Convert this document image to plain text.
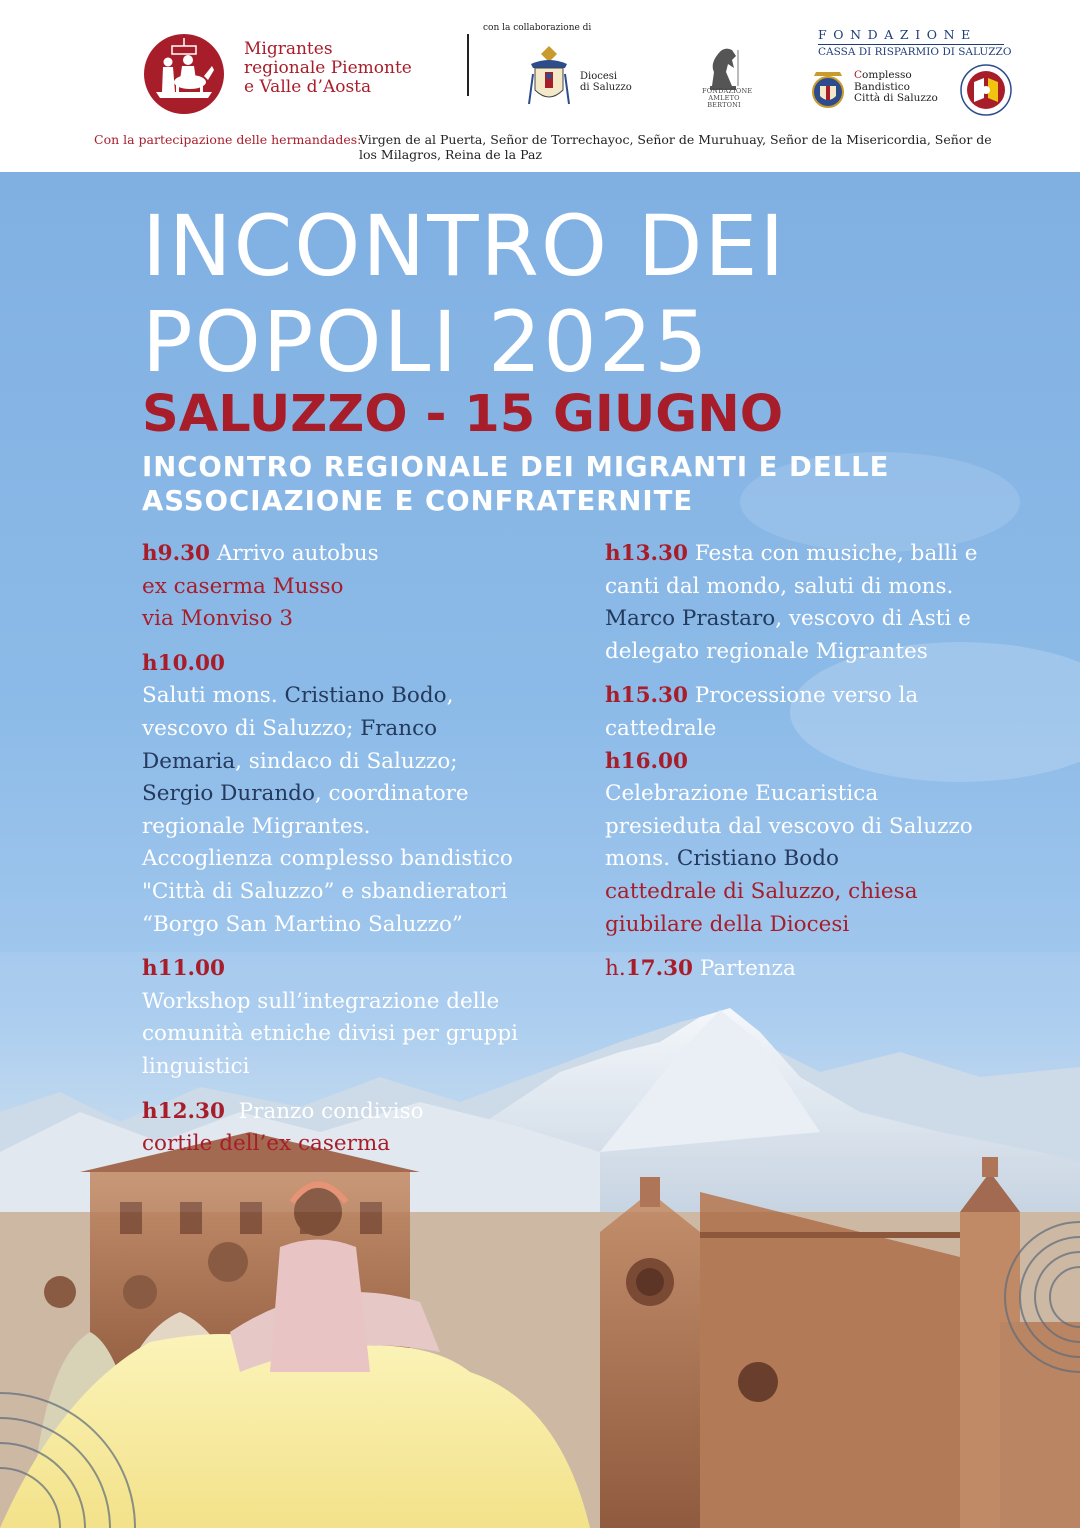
Migrantes
regionale Piemonte
e Valle d’Aosta
con la collaborazione di
Diocesi
di Saluzzo	FONDAZIONE AMLETO BERTONI
FONDAZIONE
CASSA DI RISPARMIO DI SALUZZO
Complesso
Bandistico
Città di Saluzzo
Con la partecipazione delle hermandades:
Virgen de al Puerta, Señor de Torrechayoc, Señor de Muruhuay, Señor de la Misericordia, Señor de los Milagros, Reina de la Paz
INCONTRO DEI
POPOLI 2025
SALUZZO - 15 GIUGNO
INCONTRO REGIONALE DEI MIGRANTI E DELLE
ASSOCIAZIONE E CONFRATERNITE
h9.30 Arrivo autobus
ex caserma Musso
via Monviso 3
h10.00
Saluti mons. Cristiano Bodo,
vescovo di Saluzzo; Franco
Demaria, sindaco di Saluzzo;
Sergio Durando, coordinatore
regionale Migrantes.
Accoglienza complesso bandistico
"Città di Saluzzo” e sbandieratori
“Borgo San Martino Saluzzo”
h11.00
Workshop sull’integrazione delle
comunità etniche divisi per gruppi
linguistici
h12.30  Pranzo condiviso
cortile dell’ex caserma
h13.30 Festa con musiche, balli e
canti dal mondo, saluti di mons.
Marco Prastaro, vescovo di Asti e
delegato regionale Migrantes
h15.30 Processione verso la
cattedrale
h16.00
Celebrazione Eucaristica
presieduta dal vescovo di Saluzzo
mons. Cristiano Bodo
cattedrale di Saluzzo, chiesa
giubilare della Diocesi
h.17.30 Partenza
